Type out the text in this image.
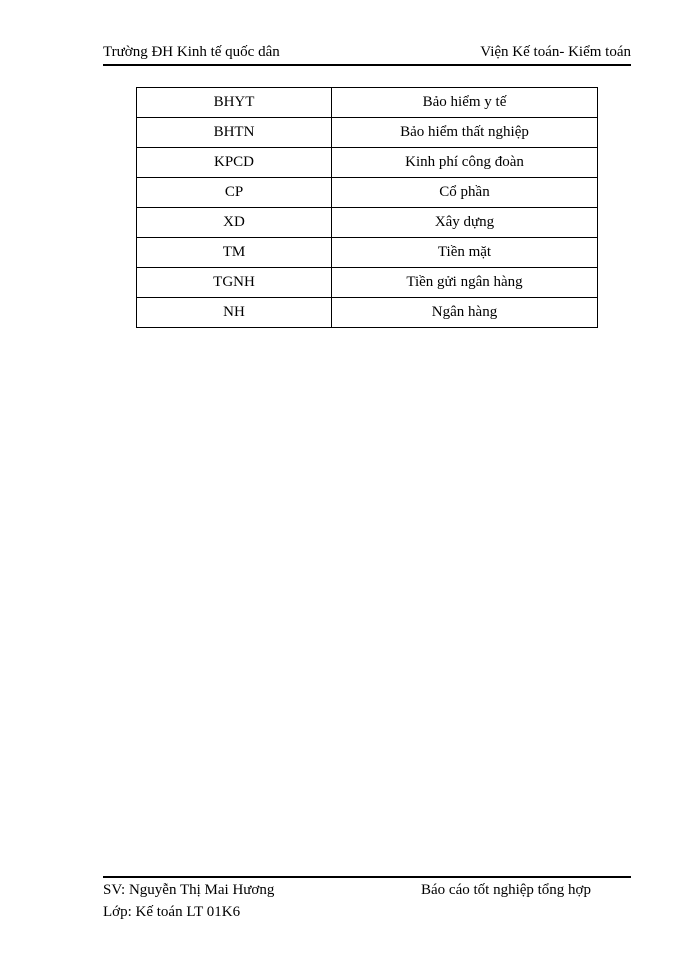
Trường ĐH Kinh tế quốc dân	Viện Kế toán- Kiểm toán
BHYT	Bảo hiểm y tế
BHTN	Bảo hiểm thất nghiệp
KPCD	Kinh phí công đoàn
CP	Cổ phần
XD	Xây dựng
TM	Tiền mặt
TGNH	Tiền gửi ngân hàng
NH	Ngân hàng
SV: Nguyễn Thị Mai Hương	Báo cáo tốt nghiệp tổng hợp
Lớp: Kế toán LT 01K6
